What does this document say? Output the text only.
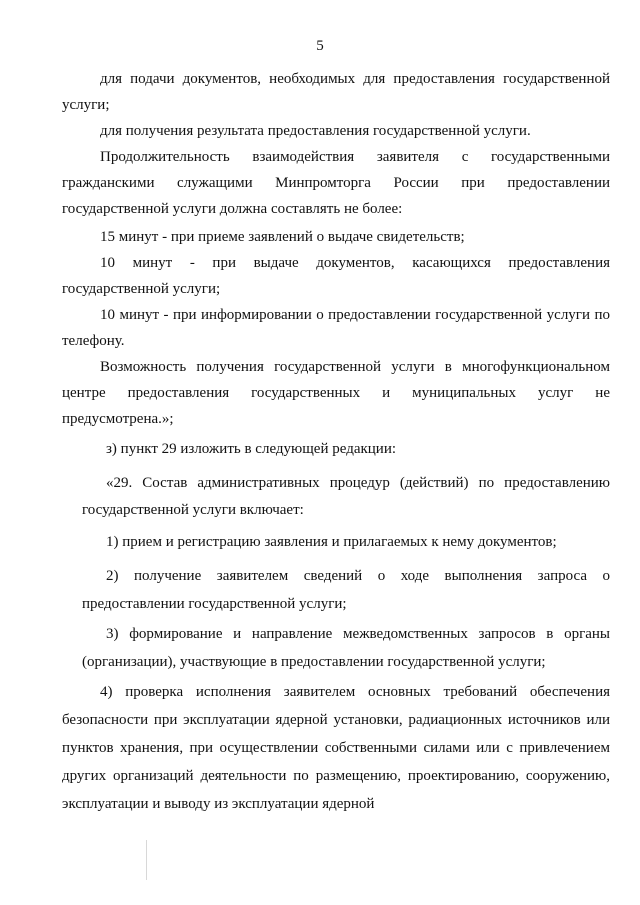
5

для подачи документов, необходимых для предоставления государственной услуги;

для получения результата предоставления государственной услуги.

Продолжительность взаимодействия заявителя с государственными гражданскими служащими Минпромторга России при предоставлении государственной услуги должна составлять не более:

15 минут - при приеме заявлений о выдаче свидетельств;

10 минут - при выдаче документов, касающихся предоставления государственной услуги;

10 минут - при информировании о предоставлении государственной услуги по телефону.

Возможность получения государственной услуги в многофункциональном центре предоставления государственных и муниципальных услуг не предусмотрена.»;

з) пункт 29 изложить в следующей редакции:

«29. Состав административных процедур (действий) по предоставлению государственной услуги включает:

1) прием и регистрацию заявления и прилагаемых к нему документов;

2) получение заявителем сведений о ходе выполнения запроса о предоставлении государственной услуги;

3) формирование и направление межведомственных запросов в органы (организации), участвующие в предоставлении государственной услуги;

4) проверка исполнения заявителем основных требований обеспечения безопасности при эксплуатации ядерной установки, радиационных источников или пунктов хранения, при осуществлении собственными силами или с привлечением других организаций деятельности по размещению, проектированию, сооружению, эксплуатации и выводу из эксплуатации ядерной
